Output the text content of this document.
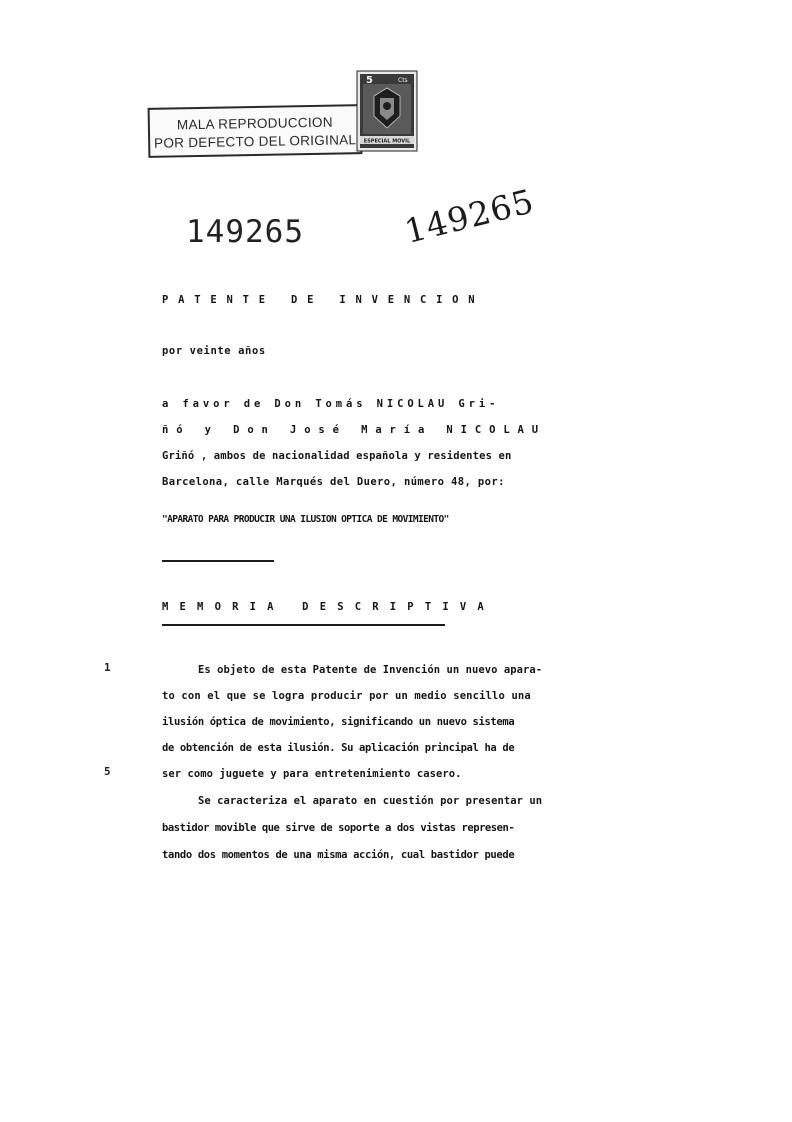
MALA REPRODUCCION
POR DEFECTO DEL ORIGINAL
5	Cts
ESPECIAL MOVIL
149265	149265
PATENTE DE INVENCION
por veinte años
a favor de Don Tomás NICOLAU Gri-
ñó y Don José María NICOLAU
Griñó , ambos de nacionalidad española y residentes en
Barcelona, calle Marqués del Duero, número 48, por:
"APARATO PARA PRODUCIR UNA ILUSION OPTICA DE MOVIMIENTO"
MEMORIA DESCRIPTIVA
1
5
Es objeto de esta Patente de Invención un nuevo apara-
to con el que se logra producir por un medio sencillo una
ilusión óptica de movimiento, significando un nuevo sistema
de obtención de esta ilusión. Su aplicación principal ha de
ser como juguete y para entretenimiento casero.
Se caracteriza el aparato en cuestión por presentar un
bastidor movible que sirve de soporte a dos vistas represen-
tando dos momentos de una misma acción, cual bastidor puede
